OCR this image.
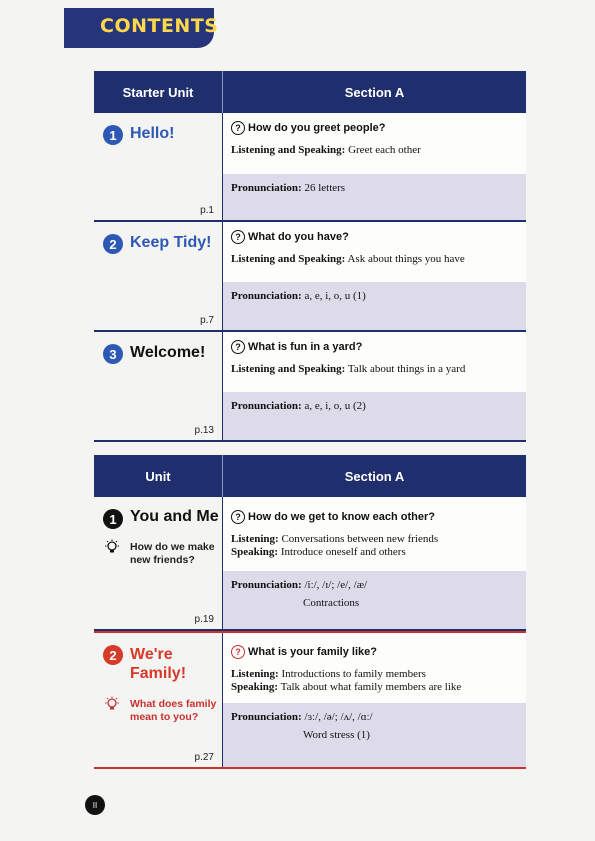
CONTENTS
Starter Unit	Section A
1 Hello!
p.1
? How do you greet people?
Listening and Speaking: Greet each other
Pronunciation: 26 letters
2 Keep Tidy!
p.7
? What do you have?
Listening and Speaking: Ask about things you have
Pronunciation: a, e, i, o, u (1)
3 Welcome!
p.13
? What is fun in a yard?
Listening and Speaking: Talk about things in a yard
Pronunciation: a, e, i, o, u (2)
Unit	Section A
1 You and Me
How do we make new friends?
p.19
? How do we get to know each other?
Listening: Conversations between new friends
Speaking: Introduce oneself and others
Pronunciation: /iː/, /ɪ/; /e/, /æ/
Contractions
2 We're
Family!
What does family mean to you?
p.27
? What is your family like?
Listening: Introductions to family members
Speaking: Talk about what family members are like
Pronunciation: /ɜː/, /ə/; /ʌ/, /ɑː/
Word stress (1)
II
